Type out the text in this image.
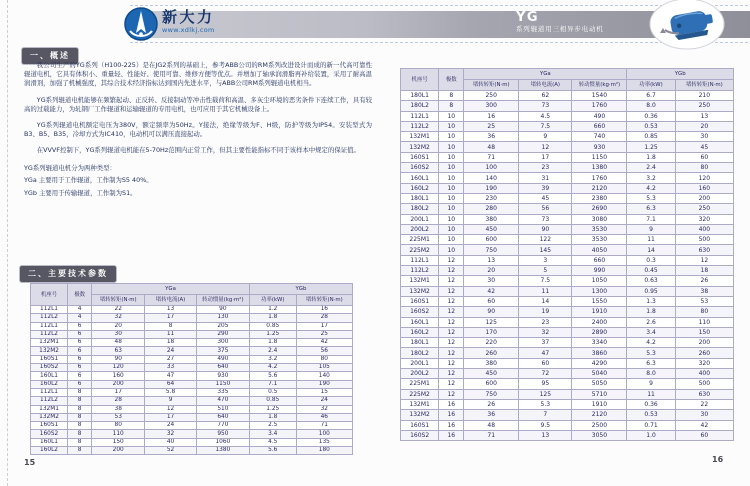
YG
系列辊道用三相异步电动机
新大力
www.xdlkj.com
一、概述
二、主要技术参数

我公司生产的YG系列（H100-225）是在JG2系列的基础上，参考ABB公司的RM系列改进设计而成的新一代高可靠性辊道电机，它具有体积小、重量轻、性能好、使用可靠、维修方便等优点。并增加了轴承润滑脂再补给装置，采用了耐高温润滑剂，加强了机械强度，其综合技术经济指标达到国内先进水平，与ABB公司RM系列辊道电机相当。

YG系列辊道电机能够在频繁起动、正反转、反接制动等冲击性载荷和高温、多灰尘环境的恶劣条件下连续工作，具有较高的过载能力，为轧钢厂工作辊道和运输辊道的专用电机，也可应用于其它机械设备上。

YG系列辊道电机额定电压为380V，额定频率为50Hz。Y接法，绝缘等级为F、H级，防护等级为IP54。安装型式为B3、B5、B35，冷却方式为IC410，电动机可以满压直接起动。

在VVVF控制下，YG系列辊道电机能在5-70Hz范围内正常工作，但其主要性能指标不同于该样本中规定的保证值。

YG系列辊道电机分为两种类型：

YGa 主要用于工作辊道，工作制为S5 40%。

YGb 主要用于传输辊道，工作制为S1。

机座号	极数	YGa			YGb	
		堵转转矩(N·m)	堵转电流(A)	转动惯量(kg·m²)	功率(kW)	堵转转矩(N·m)
112L1	4	22	13	90	1.2	16
112L2	4	32	17	130	1.8	28
112L1	6	20	8	205	0.85	17
112L2	6	30	11	290	1.25	25
132M1	6	48	18	300	1.8	42
132M2	6	63	24	375	2.4	56
160S1	6	90	27	490	3.2	80
160S2	6	120	33	640	4.2	105
160L1	6	160	47	930	5.6	140
160L2	6	200	64	1150	7.1	190
112L1	8	17	5.8	335	0.5	15
112L2	8	28	9	470	0.85	24
132M1	8	38	12	510	1.25	32
132M2	8	53	17	640	1.8	46
160S1	8	80	24	770	2.5	71
160S2	8	110	32	950	3.4	100
160L1	8	150	40	1060	4.5	135
160L2	8	200	52	1380	5.6	180
机座号	极数	YGa			YGb	
		堵转转矩(N·m)	堵转电流(A)	转动惯量(kg·m²)	功率(kW)	堵转转矩(N·m)
180L1	8	250	62	1540	6.7	210
180L2	8	300	73	1760	8.0	250
112L1	10	16	4.5	490	0.36	13
112L2	10	25	7.5	660	0.53	20
132M1	10	36	9	740	0.85	30
132M2	10	48	12	930	1.25	45
160S1	10	71	17	1150	1.8	60
160S2	10	100	23	1380	2.4	80
160L1	10	140	31	1760	3.2	120
160L2	10	190	39	2120	4.2	160
180L1	10	230	45	2380	5.3	200
180L2	10	280	56	2690	6.3	250
200L1	10	380	73	3080	7.1	320
200L2	10	450	90	3530	9	400
225M1	10	600	122	3530	11	500
225M2	10	750	145	4050	14	630
112L1	12	13	3	660	0.3	12
112L2	12	20	5	990	0.45	18
132M1	12	30	7.5	1050	0.63	26
132M2	12	42	11	1300	0.95	38
160S1	12	60	14	1550	1.3	53
160S2	12	90	19	1910	1.8	80
160L1	12	125	23	2400	2.6	110
160L2	12	170	32	2890	3.4	150
180L1	12	220	37	3340	4.2	200
180L2	12	260	47	3860	5.3	260
200L1	12	380	60	4290	6.3	320
200L2	12	450	72	5040	8.0	400
225M1	12	600	95	5050	9	500
225M2	12	750	125	5710	11	630
132M1	16	26	5.3	1910	0.36	22
132M2	16	36	7	2120	0.53	30
160S1	16	48	9.5	2500	0.71	42
160S2	16	71	13	3050	1.0	60
15	16
